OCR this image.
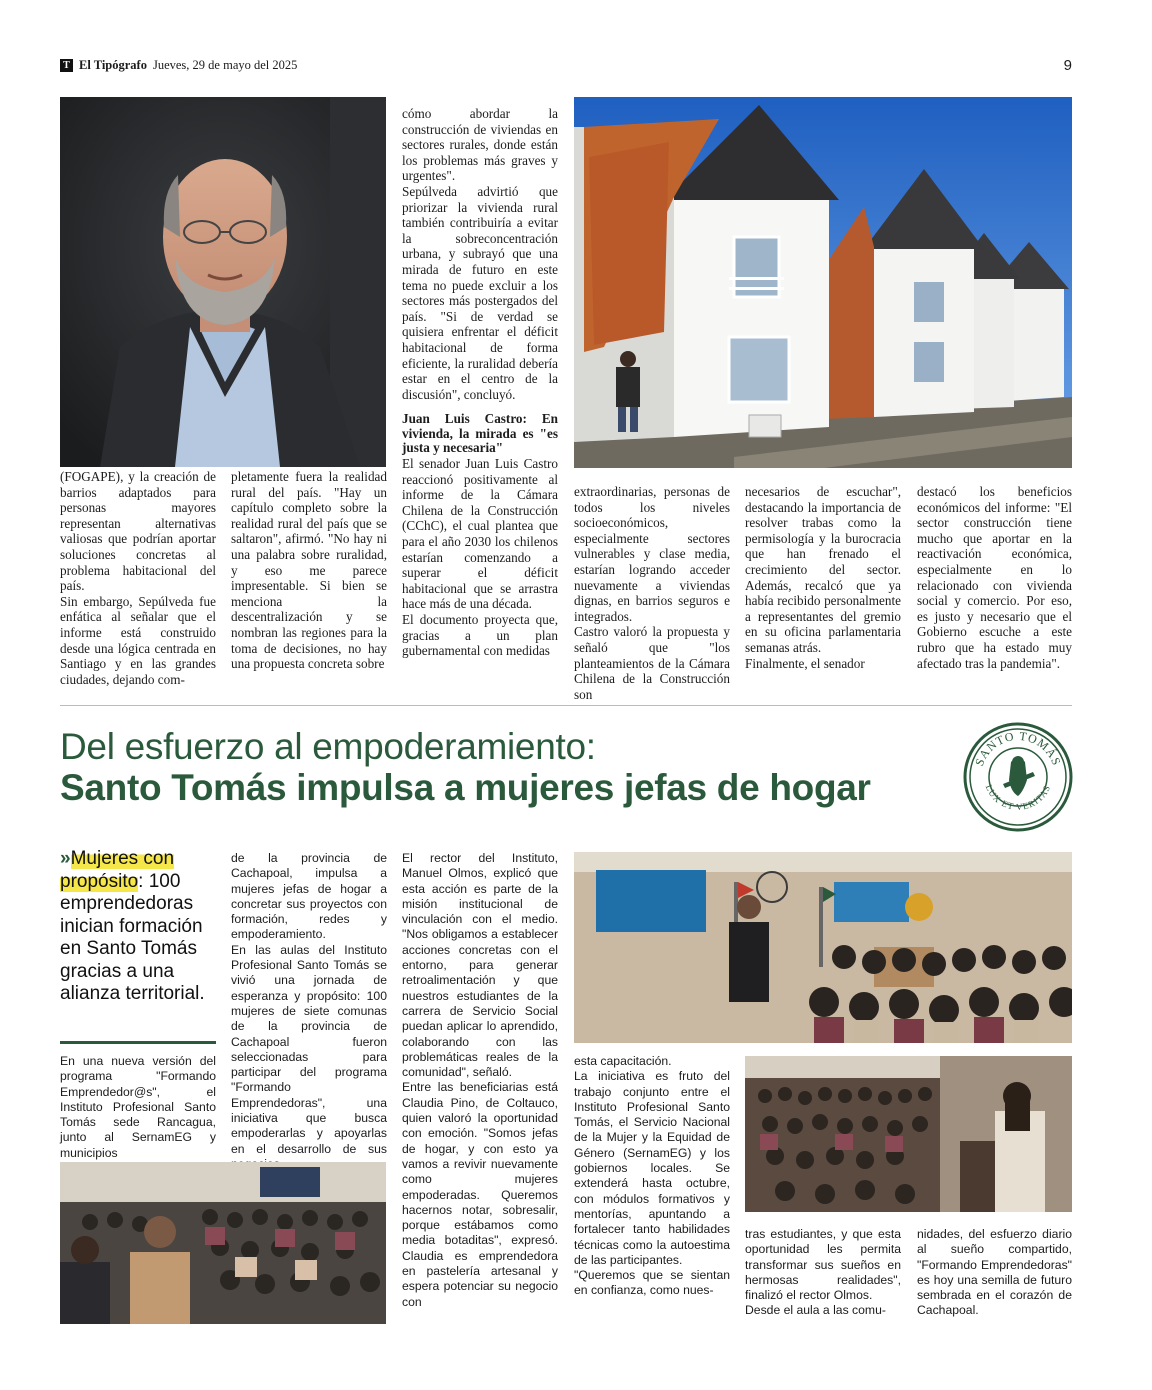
T El Tipógrafo Jueves, 29 de mayo del 2025	9

cómo abordar la construcción de viviendas en sectores rurales, donde están los problemas más graves y urgentes".

Sepúlveda advirtió que priorizar la vivienda rural también contribuiría a evitar la sobreconcentración urbana, y subrayó que una mirada de futuro en este tema no puede excluir a los sectores más postergados del país. "Si de verdad se quisiera enfrentar el déficit habitacional de forma eficiente, la ruralidad debería estar en el centro de la discusión", concluyó.

Juan Luis Castro: En vivienda, la mirada es "es justa y necesaria"

El senador Juan Luis Castro reaccionó positivamente al informe de la Cámara Chilena de la Construcción (CChC), el cual plantea que para el año 2030 los chilenos estarían comenzando a superar el déficit habitacional que se arrastra hace más de una década.

El documento proyecta que, gracias a un plan gubernamental con medidas

(FOGAPE), y la creación de barrios adaptados para personas mayores representan alternativas valiosas que podrían aportar soluciones concretas al problema habitacional del país.

Sin embargo, Sepúlveda fue enfática al señalar que el informe está construido desde una lógica centrada en Santiago y en las grandes ciudades, dejando com-

pletamente fuera la realidad rural del país. "Hay un capítulo completo sobre la realidad rural del país que se saltaron", afirmó. "No hay ni una palabra sobre ruralidad, y eso me parece impresentable. Si bien se menciona la descentralización y se nombran las regiones para la toma de decisiones, no hay una propuesta concreta sobre

extraordinarias, personas de todos los niveles socioeconómicos, especialmente sectores vulnerables y clase media, estarían logrando acceder nuevamente a viviendas dignas, en barrios seguros e integrados.

Castro valoró la propuesta y señaló que "los planteamientos de la Cámara Chilena de la Construcción son

necesarios de escuchar", destacando la importancia de resolver trabas como la permisología y la burocracia que han frenado el crecimiento del sector. Además, recalcó que ya había recibido personalmente a representantes del gremio en su oficina parlamentaria semanas atrás.

Finalmente, el senador

destacó los beneficios económicos del informe: "El sector construcción tiene mucho que aportar en la reactivación económica, especialmente en lo relacionado con vivienda social y comercio. Por eso, es justo y necesario que el Gobierno escuche a este rubro que ha estado muy afectado tras la pandemia".

Del esfuerzo al empoderamiento:
Santo Tomás impulsa a mujeres jefas de hogar
SANTO TOMÁS
LUX ET VERITAS
»Mujeres con propósito: 100 emprendedoras inician formación en Santo Tomás gracias a una alianza territorial.

En una nueva versión del programa "Formando Emprendedor@s", el Instituto Profesional Santo Tomás sede Rancagua, junto al SernamEG y municipios

de la provincia de Cachapoal, impulsa a mujeres jefas de hogar a concretar sus proyectos con formación, redes y empoderamiento.

En las aulas del Instituto Profesional Santo Tomás se vivió una jornada de esperanza y propósito: 100 mujeres de siete comunas de la provincia de Cachapoal fueron seleccionadas para participar del programa "Formando Emprendedoras", una iniciativa que busca empoderarlas y apoyarlas en el desarrollo de sus

El rector del Instituto, Manuel Olmos, explicó que esta acción es parte de la misión institucional de vinculación con el medio. "Nos obligamos a establecer acciones concretas con el entorno, para generar retroalimentación y que nuestros estudiantes de la carrera de Servicio Social puedan aplicar lo aprendido, colaborando con las problemáticas reales de la comunidad", señaló.

Entre las beneficiarias está Claudia Pino, de Coltauco, quien valoró la oportunidad con emoción. "Somos jefas de hogar, y con esto ya vamos a revivir nuevamente como mujeres empoderadas. Queremos hacernos notar, sobresalir, porque estábamos como media botaditas", expresó. Claudia es emprendedora en pastelería artesanal y espera potenciar su negocio con

esta capacitación.

La iniciativa es fruto del trabajo conjunto entre el Instituto Profesional Santo Tomás, el Servicio Nacional de la Mujer y la Equidad de Género (SernamEG) y los gobiernos locales. Se extenderá hasta octubre, con módulos formativos y mentorías, apuntando a fortalecer tanto habilidades técnicas como la autoestima de las participantes.

"Queremos que se sientan en confianza, como nues-

tras estudiantes, y que esta oportunidad les permita transformar sus sueños en hermosas realidades", finalizó el rector Olmos.

Desde el aula a las comu-

nidades, del esfuerzo diario al sueño compartido, "Formando Emprendedoras" es hoy una semilla de futuro sembrada en el corazón de Cachapoal.
